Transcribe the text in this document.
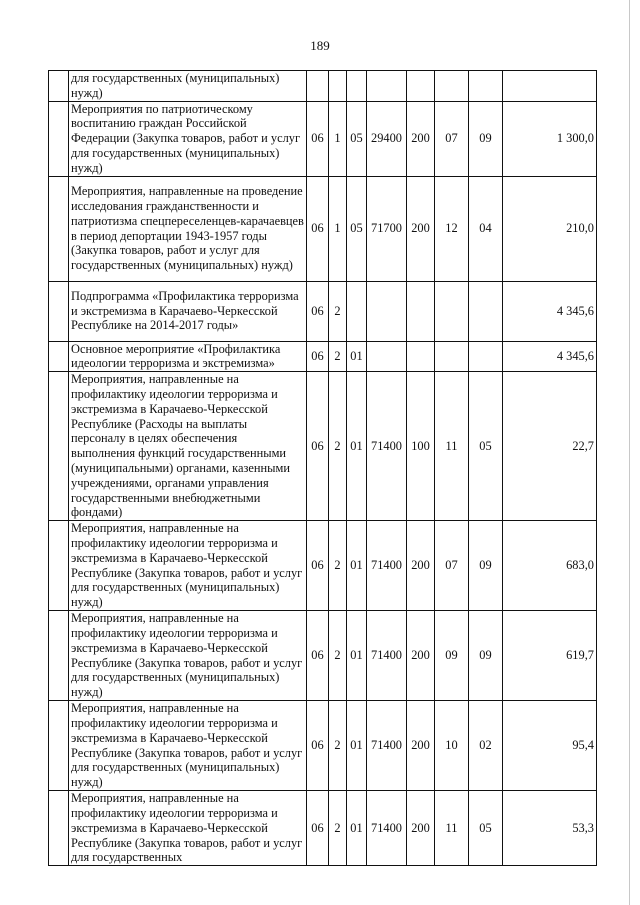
189
	для государственных (муниципальных) нужд)								
	Мероприятия по патриотическому воспитанию граждан Российской Федерации (Закупка товаров, работ и услуг для государственных (муниципальных) нужд)	06	1	05	29400	200	07	09	1 300,0
	Мероприятия, направленные на проведение исследования гражданственности и патриотизма спецпереселенцев-карачаевцев в период депортации 1943-1957 годы (Закупка товаров, работ и услуг для государственных (муниципальных) нужд)	06	1	05	71700	200	12	04	210,0
	Подпрограмма «Профилактика терроризма и экстремизма в Карачаево-Черкесской Республике на 2014-2017 годы»	06	2						4 345,6
	Основное мероприятие «Профилактика идеологии терроризма и экстремизма»	06	2	01					4 345,6
	Мероприятия, направленные на профилактику идеологии терроризма и экстремизма в Карачаево-Черкесской Республике (Расходы на выплаты персоналу в целях обеспечения выполнения функций государственными (муниципальными) органами, казенными учреждениями, органами управления государственными внебюджетными фондами)	06	2	01	71400	100	11	05	22,7
	Мероприятия, направленные на профилактику идеологии терроризма и экстремизма в Карачаево-Черкесской Республике (Закупка товаров, работ и услуг для государственных (муниципальных) нужд)	06	2	01	71400	200	07	09	683,0
	Мероприятия, направленные на профилактику идеологии терроризма и экстремизма в Карачаево-Черкесской Республике (Закупка товаров, работ и услуг для государственных (муниципальных) нужд)	06	2	01	71400	200	09	09	619,7
	Мероприятия, направленные на профилактику идеологии терроризма и экстремизма в Карачаево-Черкесской Республике (Закупка товаров, работ и услуг для государственных (муниципальных) нужд)	06	2	01	71400	200	10	02	95,4
	Мероприятия, направленные на профилактику идеологии терроризма и экстремизма в Карачаево-Черкесской Республике (Закупка товаров, работ и услуг для государственных	06	2	01	71400	200	11	05	53,3
